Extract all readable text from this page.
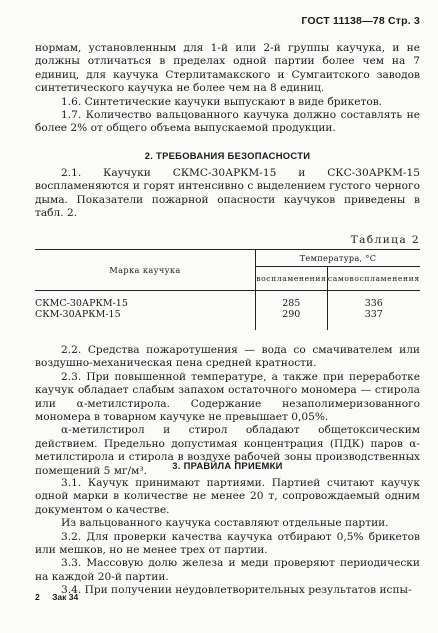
ГОСТ 11138—78 Стр. 3

нормам, установленным для 1-й или 2-й группы каучука, и не должны отличаться в пределах одной партии более чем на 7 единиц, для каучука Стерлитамакского и Сумгаитского заводов синтетического каучука не более чем на 8 единиц.

1.6. Синтетические каучуки выпускают в виде брикетов.

1.7. Количество вальцованного каучука должно составлять не более 2% от общего объема выпускаемой продукции.

2. ТРЕБОВАНИЯ БЕЗОПАСНОСТИ

2.1. Каучуки СКМС-30АРКМ-15 и СКС-30АРКМ-15 воспламеняются и горят интенсивно с выделением густого черного дыма. Показатели пожарной опасности каучуков приведены в табл. 2.

Таблица 2
Марка каучука	Температура, °С	
	воспламенения	самовоспламенения
СКМС-30АРКМ-15	285	336
СКМ-30АРКМ-15	290	337

2.2. Средства пожаротушения — вода со смачивателем или воздушно-механическая пена средней кратности.

2.3. При повышенной температуре, а также при переработке каучук обладает слабым запахом остаточного мономера — стирола или α-метилстирола. Содержание незаполимеризованного мономера в товарном каучуке не превышает 0,05%.

α-метилстирол и стирол обладают общетоксическим действием. Предельно допустимая концентрация (ПДК) паров α-метилстирола и стирола в воздухе рабочей зоны производственных помещений 5 мг/м³.	3. ПРАВИЛА ПРИЕМКИ

3.1. Каучук принимают партиями. Партией считают каучук одной марки в количестве не менее 20 т, сопровождаемый одним документом о качестве.

Из вальцованного каучука составляют отдельные партии.

3.2. Для проверки качества каучука отбирают 0,5% брикетов или мешков, но не менее трех от партии.

3.3. Массовую долю железа и меди проверяют периодически на каждой 20-й партии.

3.4. При получении неудовлетворительных результатов испы-

2 Зак 34
